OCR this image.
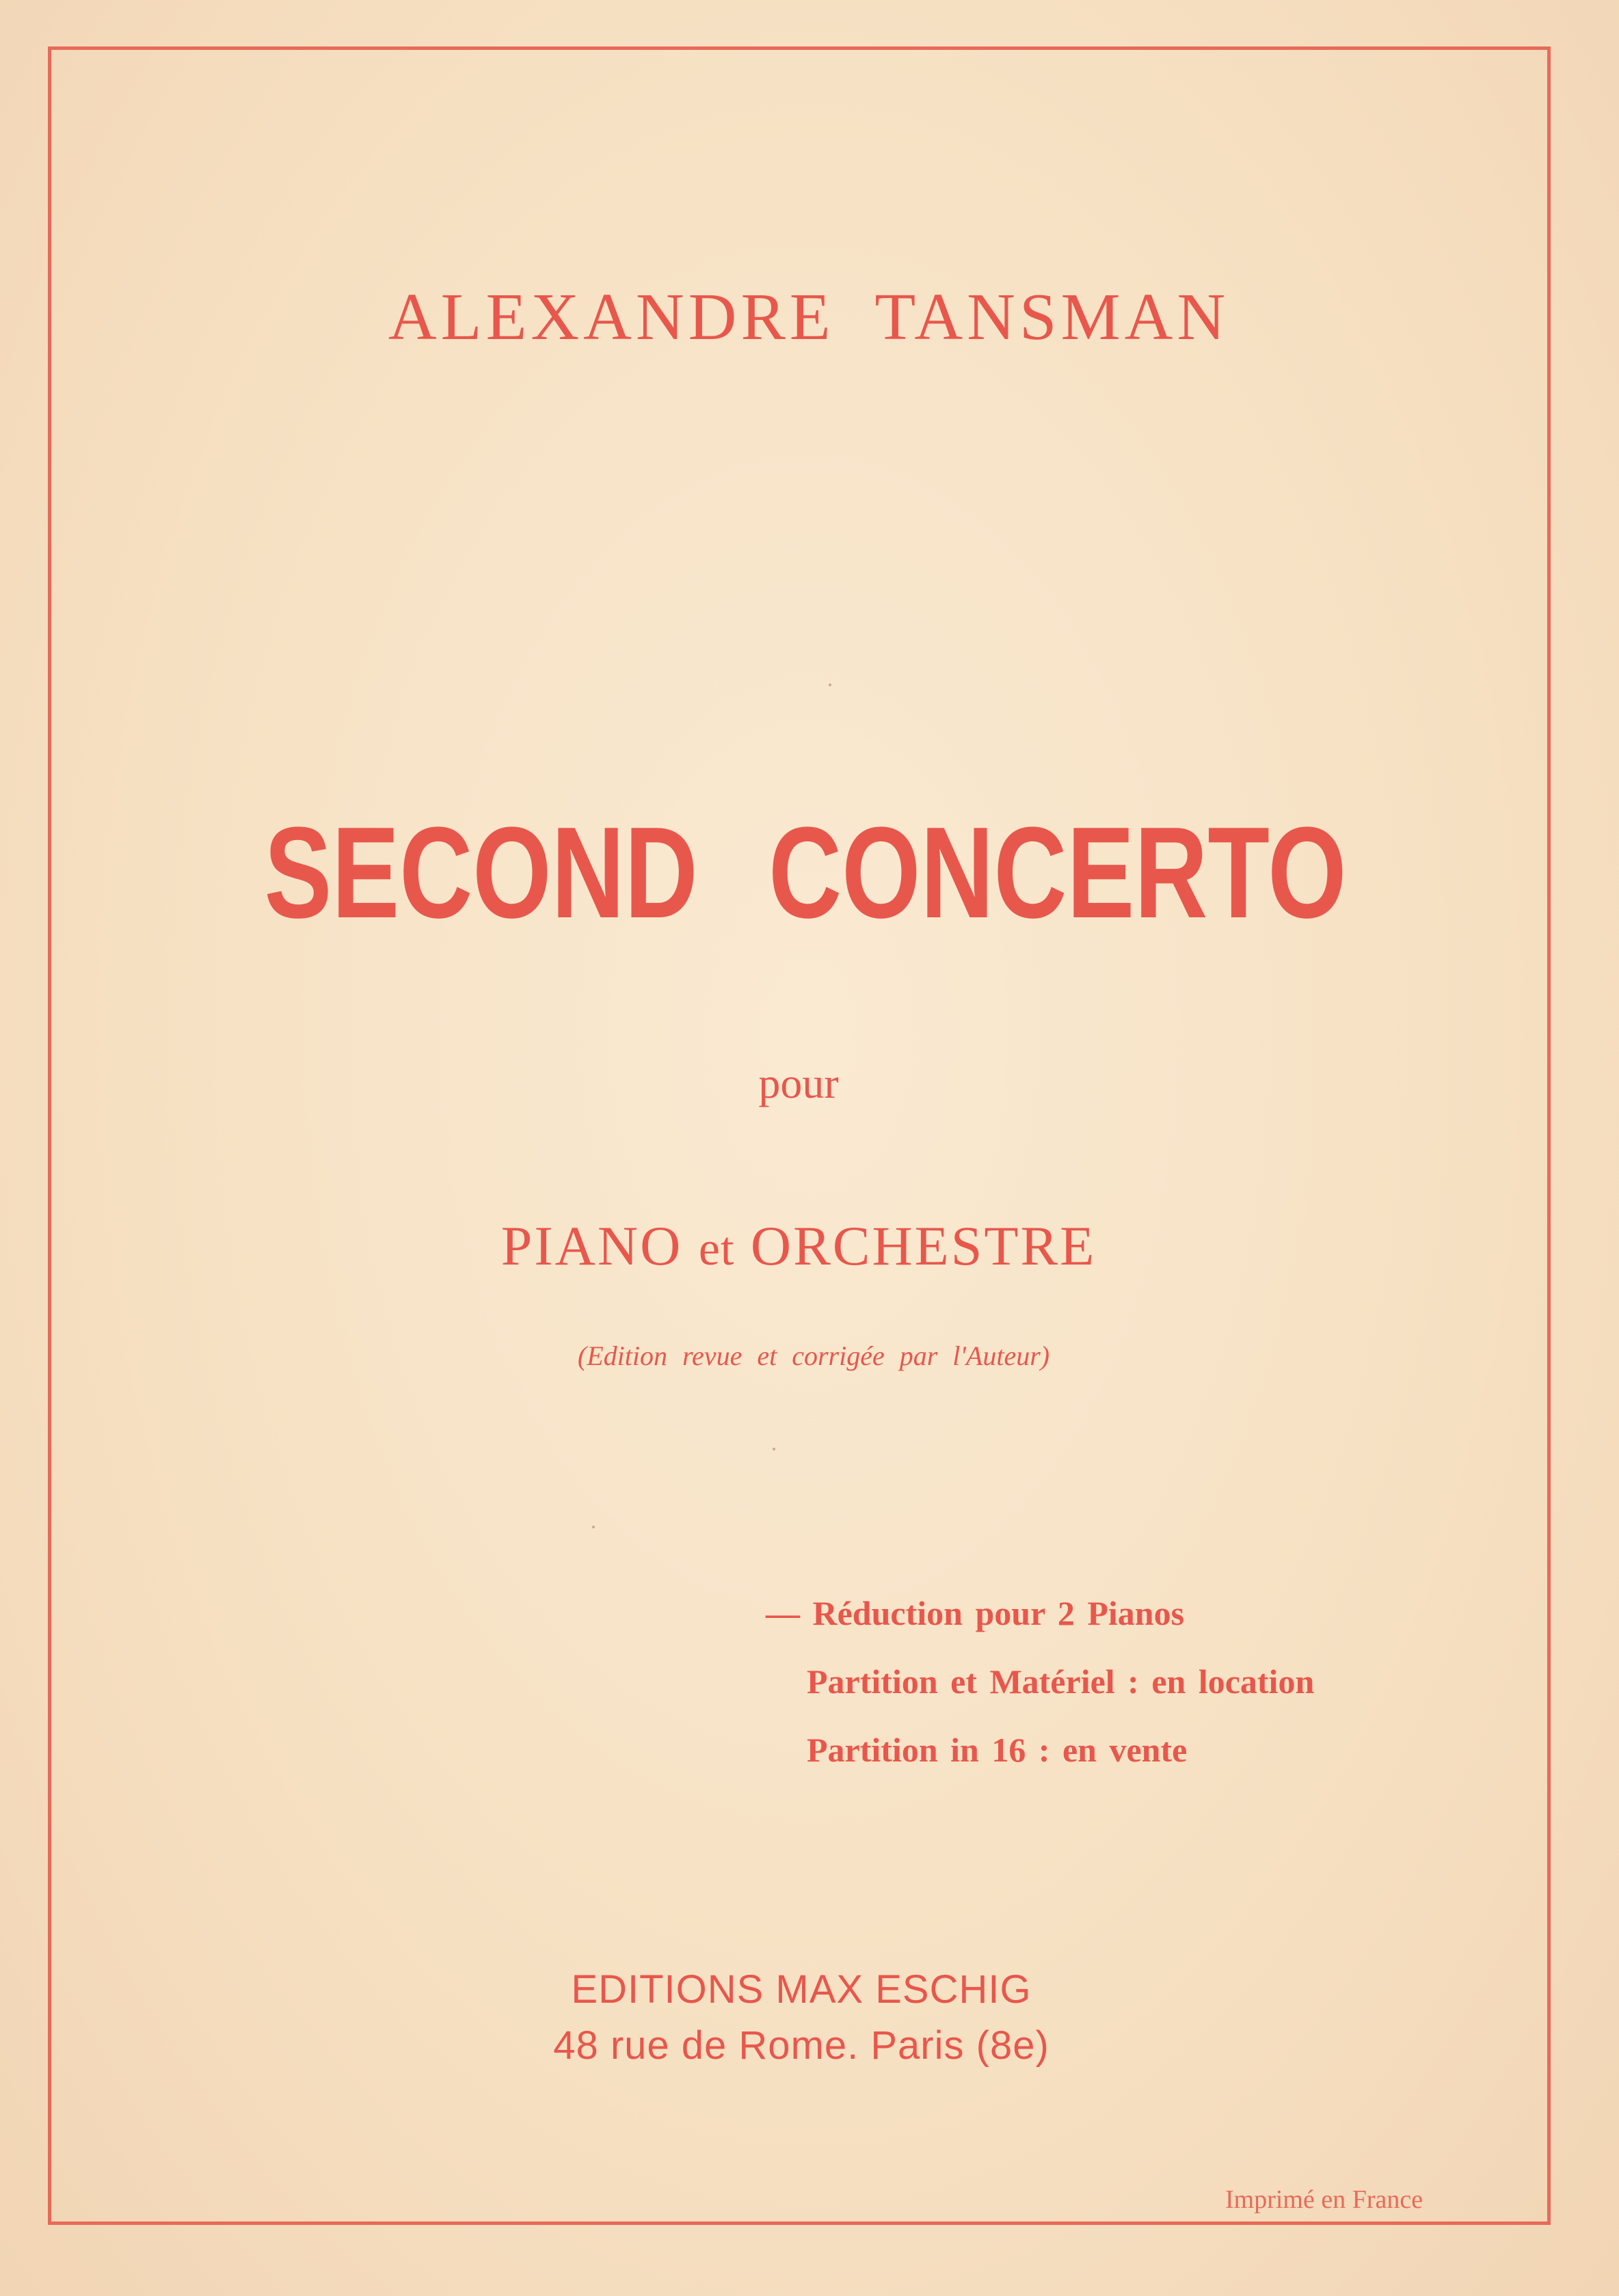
ALEXANDRE TANSMAN
SECOND CONCERTO
pour
PIANO et ORCHESTRE
(Edition revue et corrigée par l'Auteur)
— Réduction pour 2 Pianos
Partition et Matériel : en location
Partition in 16 : en vente
EDITIONS MAX ESCHIG
48 rue de Rome. Paris (8e)
Imprimé en France
